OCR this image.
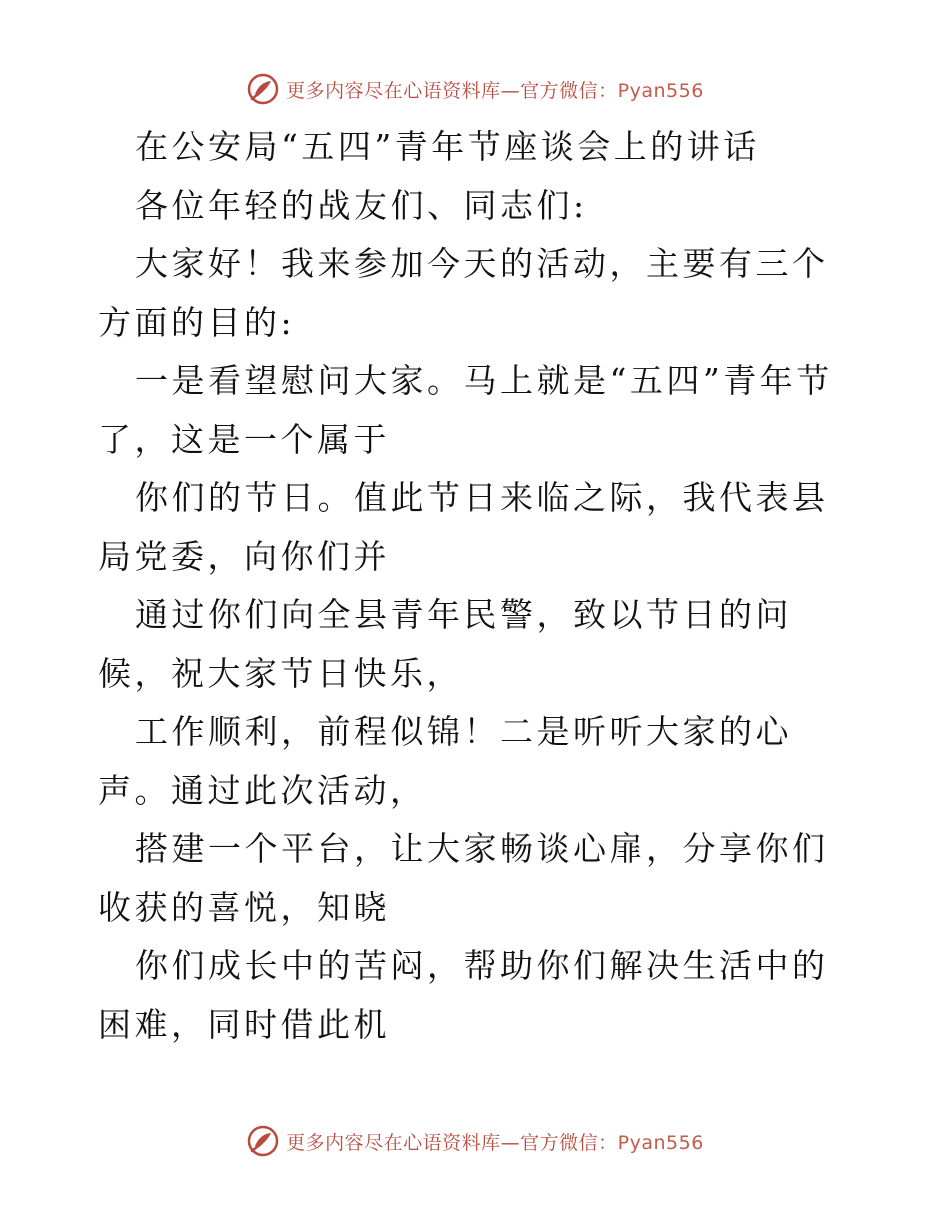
更多内容尽在心语资料库—官方微信：Pyan556

在公安局“五四”青年节座谈会上的讲话

各位年轻的战友们、同志们:

大家好！我来参加今天的活动，主要有三个方面的目的:

一是看望慰问大家。马上就是“五四”青年节了，这是一个属于

你们的节日。值此节日来临之际，我代表县局党委，向你们并

通过你们向全县青年民警，致以节日的问候，祝大家节日快乐，

工作顺利，前程似锦！二是听听大家的心声。通过此次活动，

搭建一个平台，让大家畅谈心扉，分享你们收获的喜悦，知晓

你们成长中的苦闷，帮助你们解决生活中的困难，同时借此机

更多内容尽在心语资料库—官方微信：Pyan556
